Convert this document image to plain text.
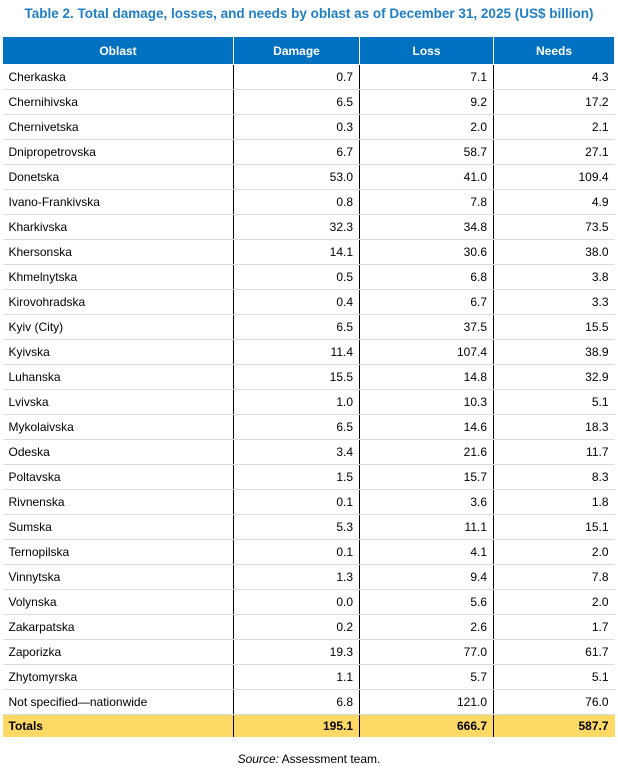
Table 2. Total damage, losses, and needs by oblast as of December 31, 2025 (US$ billion)
Oblast	Damage	Loss	Needs
Cherkaska	0.7	7.1	4.3
Chernihivska	6.5	9.2	17.2
Chernivetska	0.3	2.0	2.1
Dnipropetrovska	6.7	58.7	27.1
Donetska	53.0	41.0	109.4
Ivano-Frankivska	0.8	7.8	4.9
Kharkivska	32.3	34.8	73.5
Khersonska	14.1	30.6	38.0
Khmelnytska	0.5	6.8	3.8
Kirovohradska	0.4	6.7	3.3
Kyiv (City)	6.5	37.5	15.5
Kyivska	11.4	107.4	38.9
Luhanska	15.5	14.8	32.9
Lvivska	1.0	10.3	5.1
Mykolaivska	6.5	14.6	18.3
Odeska	3.4	21.6	11.7
Poltavska	1.5	15.7	8.3
Rivnenska	0.1	3.6	1.8
Sumska	5.3	11.1	15.1
Ternopilska	0.1	4.1	2.0
Vinnytska	1.3	9.4	7.8
Volynska	0.0	5.6	2.0
Zakarpatska	0.2	2.6	1.7
Zaporizka	19.3	77.0	61.7
Zhytomyrska	1.1	5.7	5.1
Not specified—nationwide	6.8	121.0	76.0
Totals	195.1	666.7	587.7
Source: Assessment team.
